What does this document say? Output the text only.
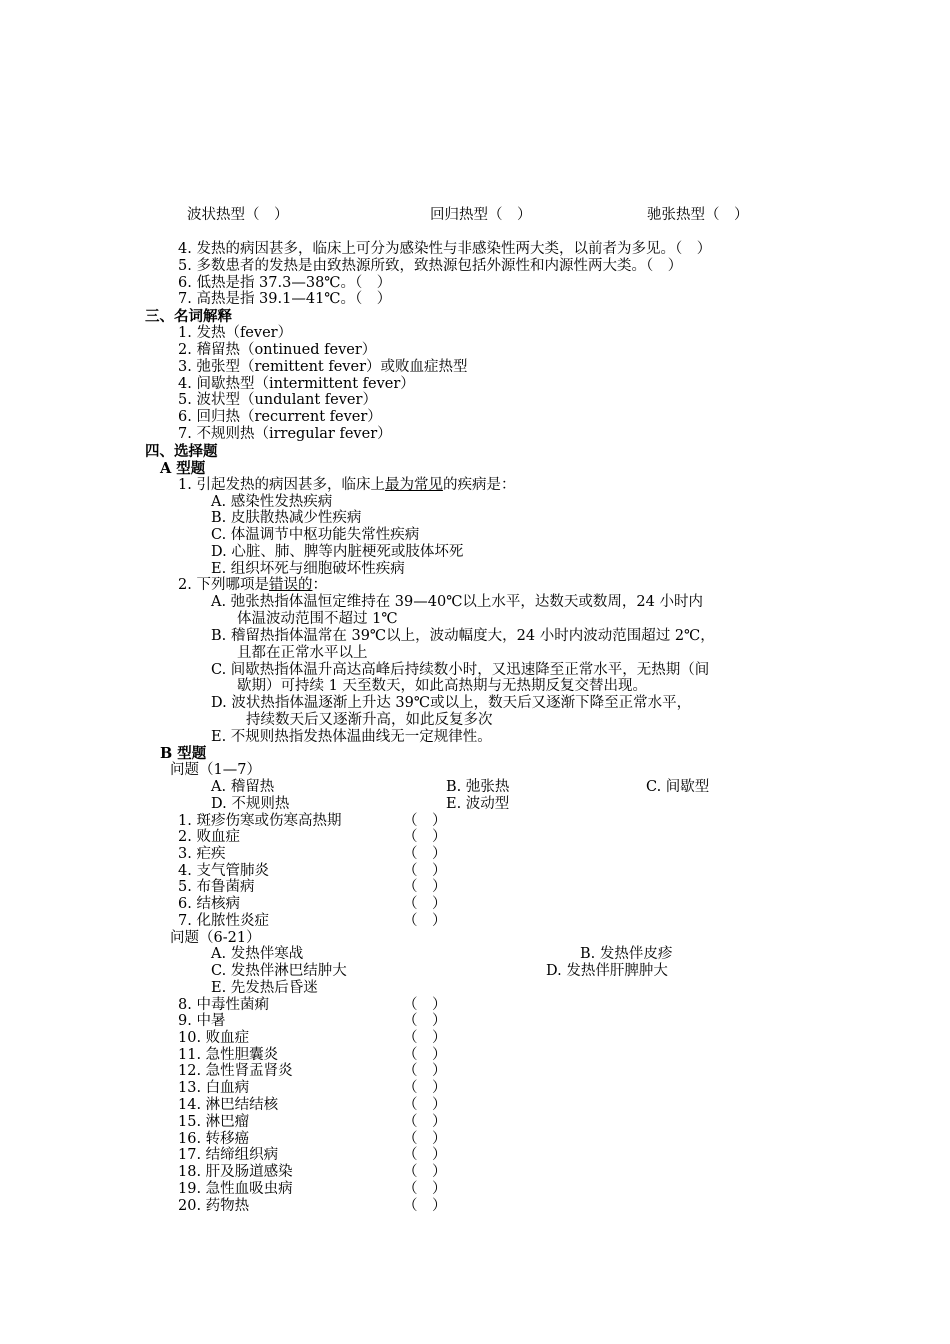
波状热型（　）	回归热型（　）	驰张热型（　）
4. 发热的病因甚多，临床上可分为感染性与非感染性两大类，以前者为多见。（　）
5. 多数患者的发热是由致热源所致，致热源包括外源性和内源性两大类。（　）
6. 低热是指 37.3—38℃。（　）
7. 高热是指 39.1—41℃。（　）
三、名词解释
1. 发热（fever）
2. 稽留热（ontinued fever）
3. 弛张型（remittent fever）或败血症热型
4. 间歇热型（intermittent fever）
5. 波状型（undulant fever）
6. 回归热（recurrent fever）
7. 不规则热（irregular fever）
四、选择题
A 型题
1. 引起发热的病因甚多，临床上最为常见的疾病是：
A. 感染性发热疾病
B. 皮肤散热减少性疾病
C. 体温调节中枢功能失常性疾病
D. 心脏、肺、脾等内脏梗死或肢体坏死
E. 组织坏死与细胞破坏性疾病
2. 下列哪项是错误的：
A. 弛张热指体温恒定维持在 39—40℃以上水平，达数天或数周，24 小时内
体温波动范围不超过 1℃
B. 稽留热指体温常在 39℃以上，波动幅度大，24 小时内波动范围超过 2℃，
且都在正常水平以上
C. 间歇热指体温升高达高峰后持续数小时，又迅速降至正常水平，无热期（间
歇期）可持续 1 天至数天，如此高热期与无热期反复交替出现。
D. 波状热指体温逐渐上升达 39℃或以上，数天后又逐渐下降至正常水平，
持续数天后又逐渐升高，如此反复多次
E. 不规则热指发热体温曲线无一定规律性。
B 型题
问题（1—7）
A. 稽留热	B. 弛张热	C. 间歇型
D. 不规则热	E. 波动型
1. 斑疹伤寒或伤寒高热期	（　）
2. 败血症	（　）
3. 疟疾	（　）
4. 支气管肺炎	（　）
5. 布鲁菌病	（　）
6. 结核病	（　）
7. 化脓性炎症	（　）
问题（6-21）
A. 发热伴寒战	B. 发热伴皮疹
C. 发热伴淋巴结肿大	D. 发热伴肝脾肿大
E. 先发热后昏迷
8. 中毒性菌痢	（　）
9. 中暑	（　）
10. 败血症	（　）
11. 急性胆囊炎	（　）
12. 急性肾盂肾炎	（　）
13. 白血病	（　）
14. 淋巴结结核	（　）
15. 淋巴瘤	（　）
16. 转移癌	（　）
17. 结缔组织病	（　）
18. 肝及肠道感染	（　）
19. 急性血吸虫病	（　）
20. 药物热	（　）
